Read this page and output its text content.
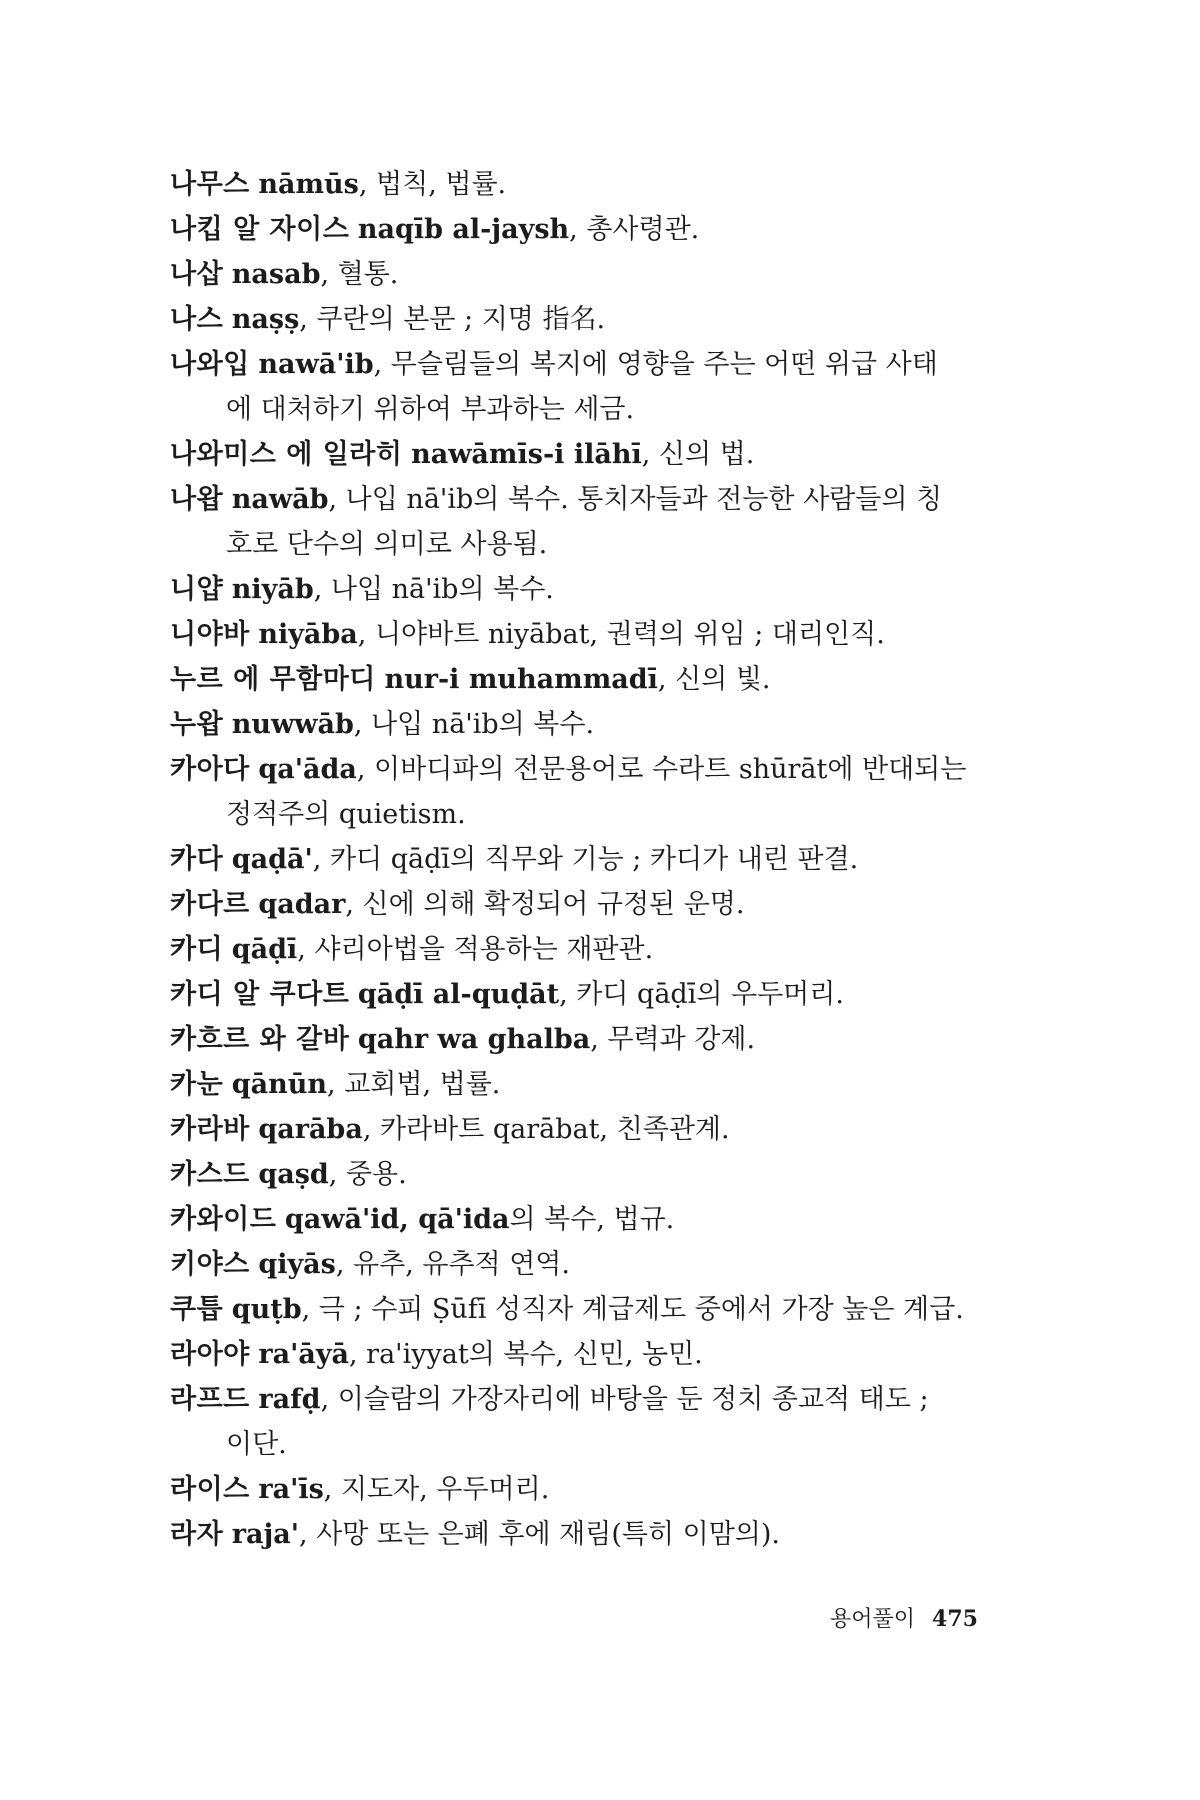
나무스 nāmūs, 법칙, 법률.
나킵 알 자이스 naqīb al-jaysh, 총사령관.
나삽 nasab, 혈통.
나스 naṣṣ, 쿠란의 본문 ; 지명 指名.
나와입 nawā'ib, 무슬림들의 복지에 영향을 주는 어떤 위급 사태
에 대처하기 위하여 부과하는 세금.
나와미스 에 일라히 nawāmīs-i ilāhī, 신의 법.
나왑 nawāb, 나입 nā'ib의 복수. 통치자들과 전능한 사람들의 칭
호로 단수의 의미로 사용됨.
니얍 niyāb, 나입 nā'ib의 복수.
니야바 niyāba, 니야바트 niyābat, 권력의 위임 ; 대리인직.
누르 에 무함마디 nur-i muhammadī, 신의 빛.
누왑 nuwwāb, 나입 nā'ib의 복수.
카아다 qa'āda, 이바디파의 전문용어로 수라트 shūrāt에 반대되는
정적주의 quietism.
카다 qaḍā', 카디 qāḍī의 직무와 기능 ; 카디가 내린 판결.
카다르 qadar, 신에 의해 확정되어 규정된 운명.
카디 qāḍī, 샤리아법을 적용하는 재판관.
카디 알 쿠다트 qāḍī al-quḍāt, 카디 qāḍī의 우두머리.
카흐르 와 갈바 qahr wa ghalba, 무력과 강제.
카눈 qānūn, 교회법, 법률.
카라바 qarāba, 카라바트 qarābat, 친족관계.
카스드 qaṣd, 중용.
카와이드 qawā'id, qā'ida의 복수, 법규.
키야스 qiyās, 유추, 유추적 연역.
쿠틉 quṭb, 극 ; 수피 Ṣūfī 성직자 계급제도 중에서 가장 높은 계급.
라아야 ra'āyā, ra'iyyat의 복수, 신민, 농민.
라프드 rafḍ, 이슬람의 가장자리에 바탕을 둔 정치 종교적 태도 ;
이단.
라이스 ra'īs, 지도자, 우두머리.
라자 raja', 사망 또는 은폐 후에 재림(특히 이맘의).
용어풀이 475
